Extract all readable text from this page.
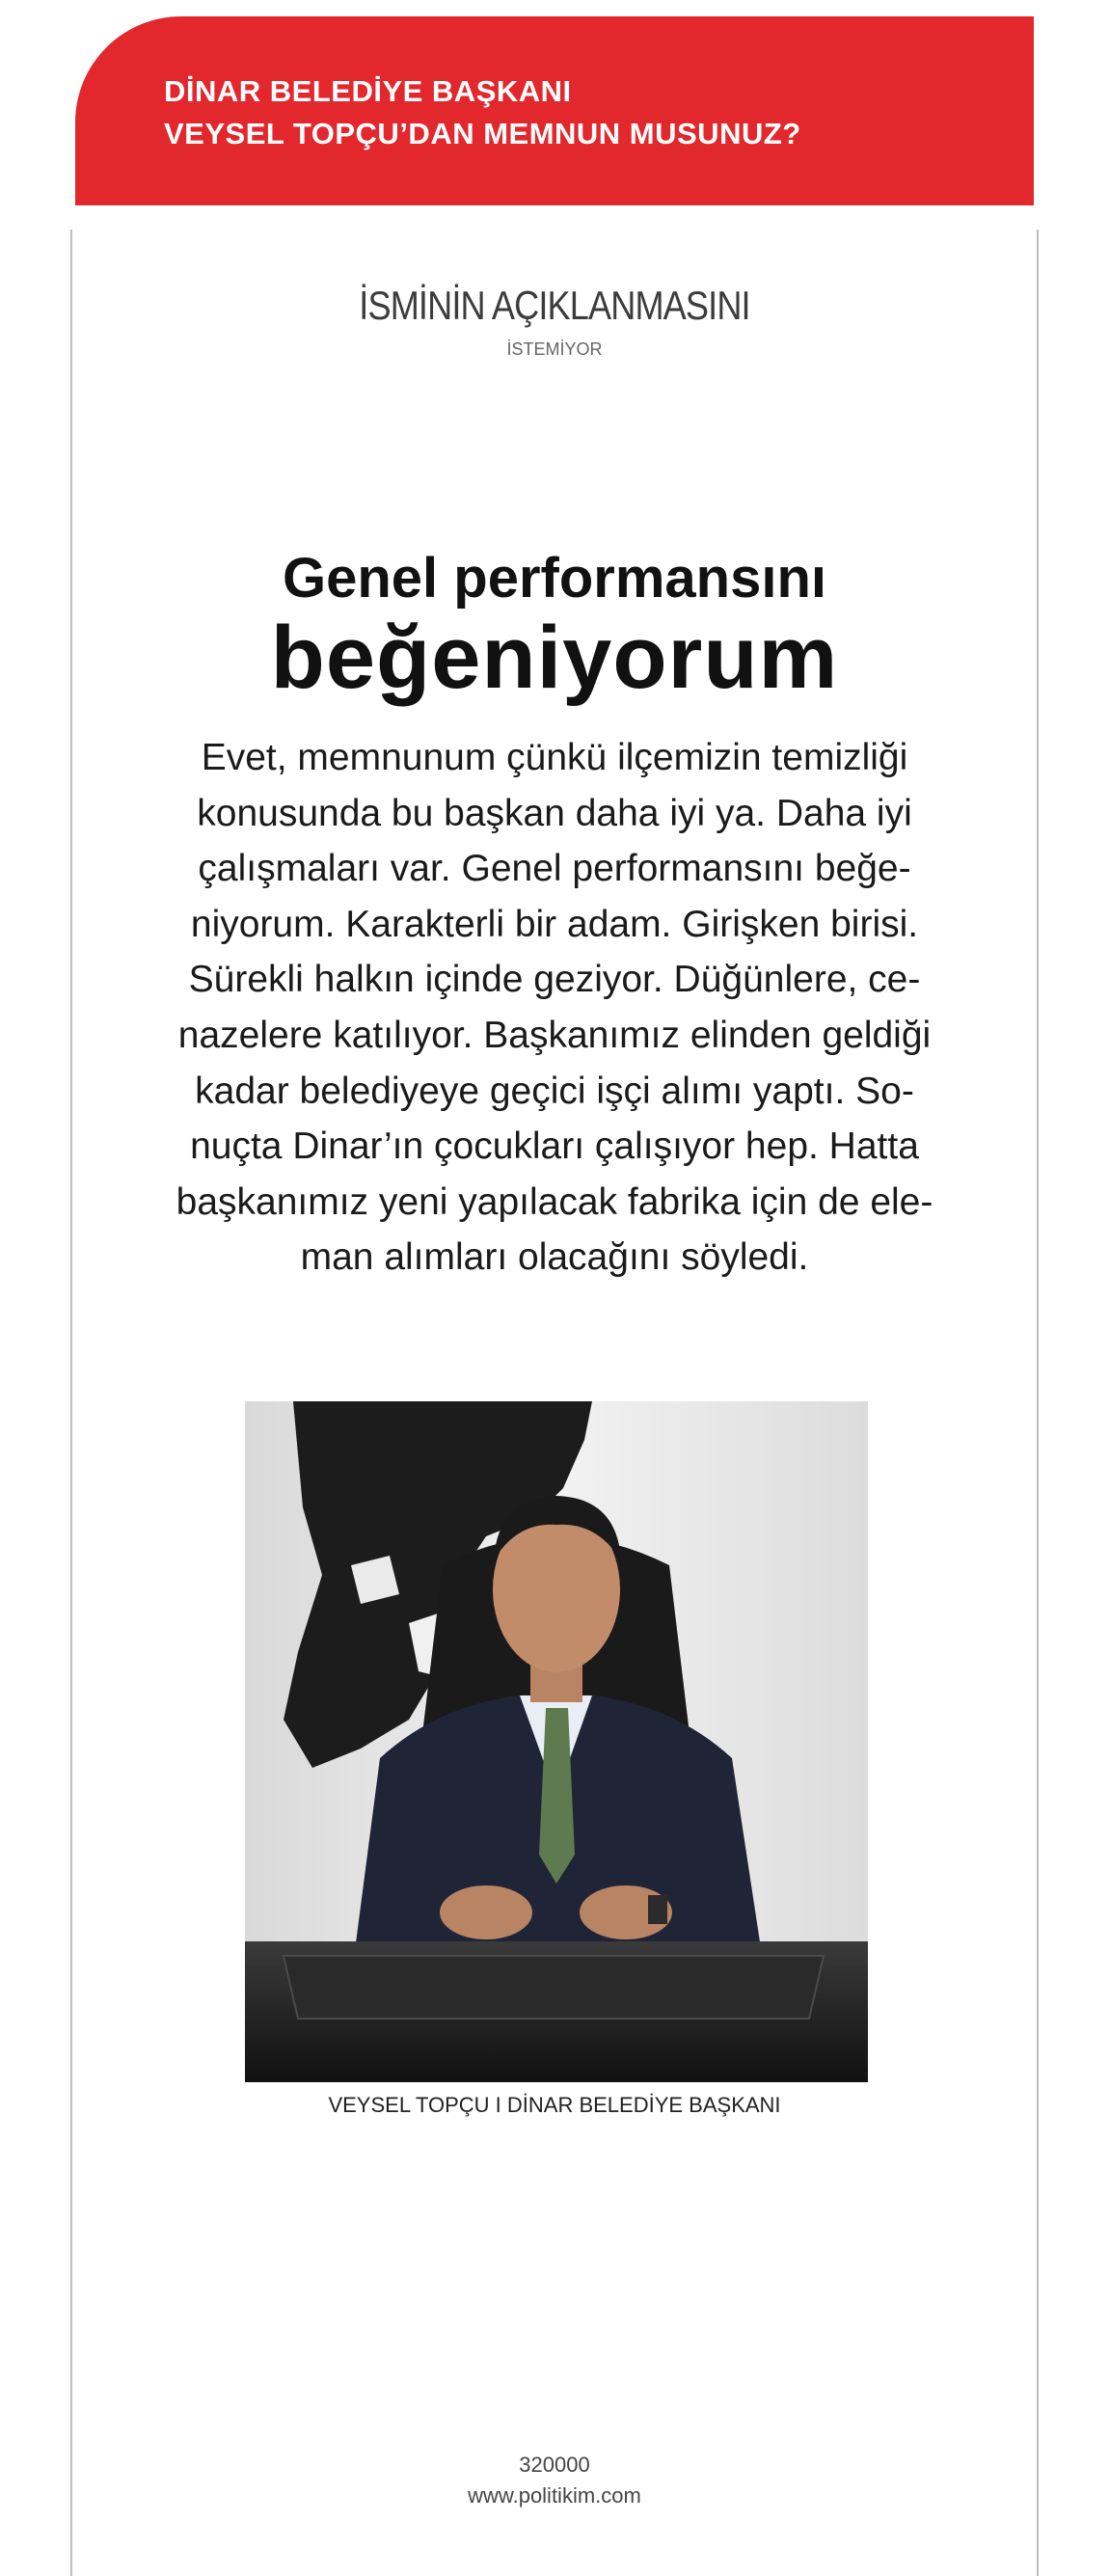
DİNAR BELEDİYE BAŞKANI
VEYSEL TOPÇU’DAN MEMNUN MUSUNUZ?
İSMİNİN AÇIKLANMASINI
İSTEMİYOR
Genel performansını
beğeniyorum
Evet, memnunum çünkü ilçemizin temizliği
konusunda bu başkan daha iyi ya. Daha iyi
çalışmaları var. Genel performansını beğe-
niyorum. Karakterli bir adam. Girişken birisi.
Sürekli halkın içinde geziyor. Düğünlere, ce-
nazelere katılıyor. Başkanımız elinden geldiği
kadar belediyeye geçici işçi alımı yaptı. So-
nuçta Dinar’ın çocukları çalışıyor hep. Hatta
başkanımız yeni yapılacak fabrika için de ele-
man alımları olacağını söyledi.
VEYSEL TOPÇU I DİNAR BELEDİYE BAŞKANI
320000
www.politikim.com
